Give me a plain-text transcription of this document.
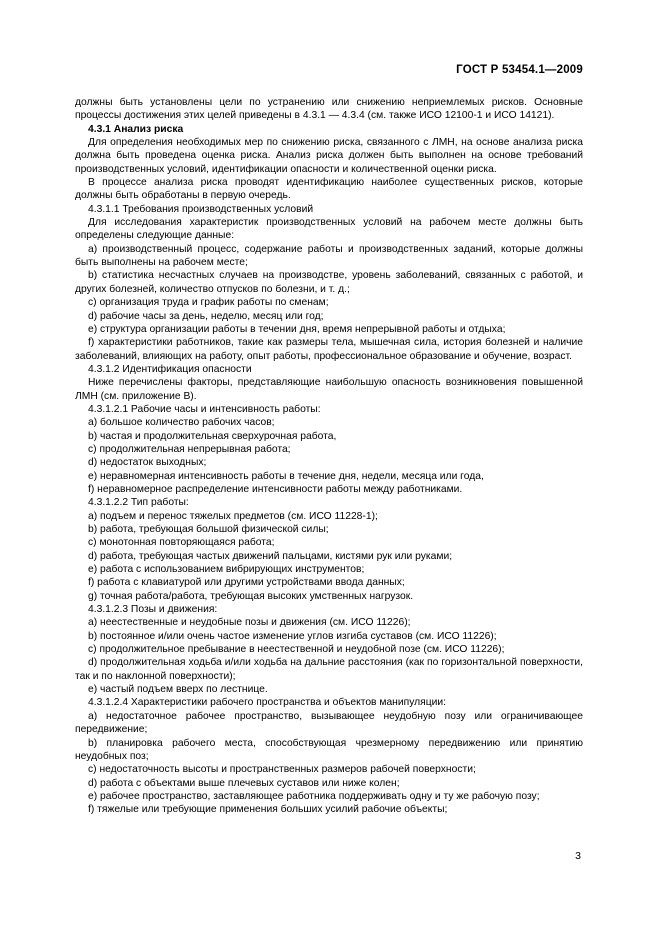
ГОСТ Р 53454.1—2009

должны быть установлены цели по устранению или снижению неприемлемых рисков. Основные процессы достижения этих целей приведены в 4.3.1 — 4.3.4 (см. также ИСО 12100-1 и ИСО 14121).

4.3.1 Анализ риска

Для определения необходимых мер по снижению риска, связанного с ЛМН, на основе анализа риска должна быть проведена оценка риска. Анализ риска должен быть выполнен на основе требований производственных условий, идентификации опасности и количественной оценки риска.

В процессе анализа риска проводят идентификацию наиболее существенных рисков, которые должны быть обработаны в первую очередь.

4.3.1.1 Требования производственных условий

Для исследования характеристик производственных условий на рабочем месте должны быть определены следующие данные:

a) производственный процесс, содержание работы и производственных заданий, которые должны быть выполнены на рабочем месте;

b) статистика несчастных случаев на производстве, уровень заболеваний, связанных с работой, и других болезней, количество отпусков по болезни, и т. д.;

c) организация труда и график работы по сменам;

d) рабочие часы за день, неделю, месяц или год;

e) структура организации работы в течении дня, время непрерывной работы и отдыха;

f) характеристики работников, такие как размеры тела, мышечная сила, история болезней и наличие заболеваний, влияющих на работу, опыт работы, профессиональное образование и обучение, возраст.

4.3.1.2 Идентификация опасности

Ниже перечислены факторы, представляющие наибольшую опасность возникновения повышенной ЛМН (см. приложение В).

4.3.1.2.1 Рабочие часы и интенсивность работы:

a) большое количество рабочих часов;

b) частая и продолжительная сверхурочная работа,

c) продолжительная непрерывная работа;

d) недостаток выходных;

e) неравномерная интенсивность работы в течение дня, недели, месяца или года,

f) неравномерное распределение интенсивности работы между работниками.

4.3.1.2.2 Тип работы:

a) подъем и перенос тяжелых предметов (см. ИСО 11228-1);

b) работа, требующая большой физической силы;

c) монотонная повторяющаяся работа;

d) работа, требующая частых движений пальцами, кистями рук или руками;

e) работа с использованием вибрирующих инструментов;

f) работа с клавиатурой или другими устройствами ввода данных;

g) точная работа/работа, требующая высоких умственных нагрузок.

4.3.1.2.3 Позы и движения:

a) неестественные и неудобные позы и движения (см. ИСО 11226);

b) постоянное и/или очень частое изменение углов изгиба суставов (см. ИСО 11226);

c) продолжительное пребывание в неестественной и неудобной позе (см. ИСО 11226);

d) продолжительная ходьба и/или ходьба на дальние расстояния (как по горизонтальной поверхности, так и по наклонной поверхности);

e) частый подъем вверх по лестнице.

4.3.1.2.4 Характеристики рабочего пространства и объектов манипуляции:

a) недостаточное рабочее пространство, вызывающее неудобную позу или ограничивающее передвижение;

b) планировка рабочего места, способствующая чрезмерному передвижению или принятию неудобных поз;

c) недостаточность высоты и пространственных размеров рабочей поверхности;

d) работа с объектами выше плечевых суставов или ниже колен;

e) рабочее пространство, заставляющее работника поддерживать одну и ту же рабочую позу;

f) тяжелые или требующие применения больших усилий рабочие объекты;

3
